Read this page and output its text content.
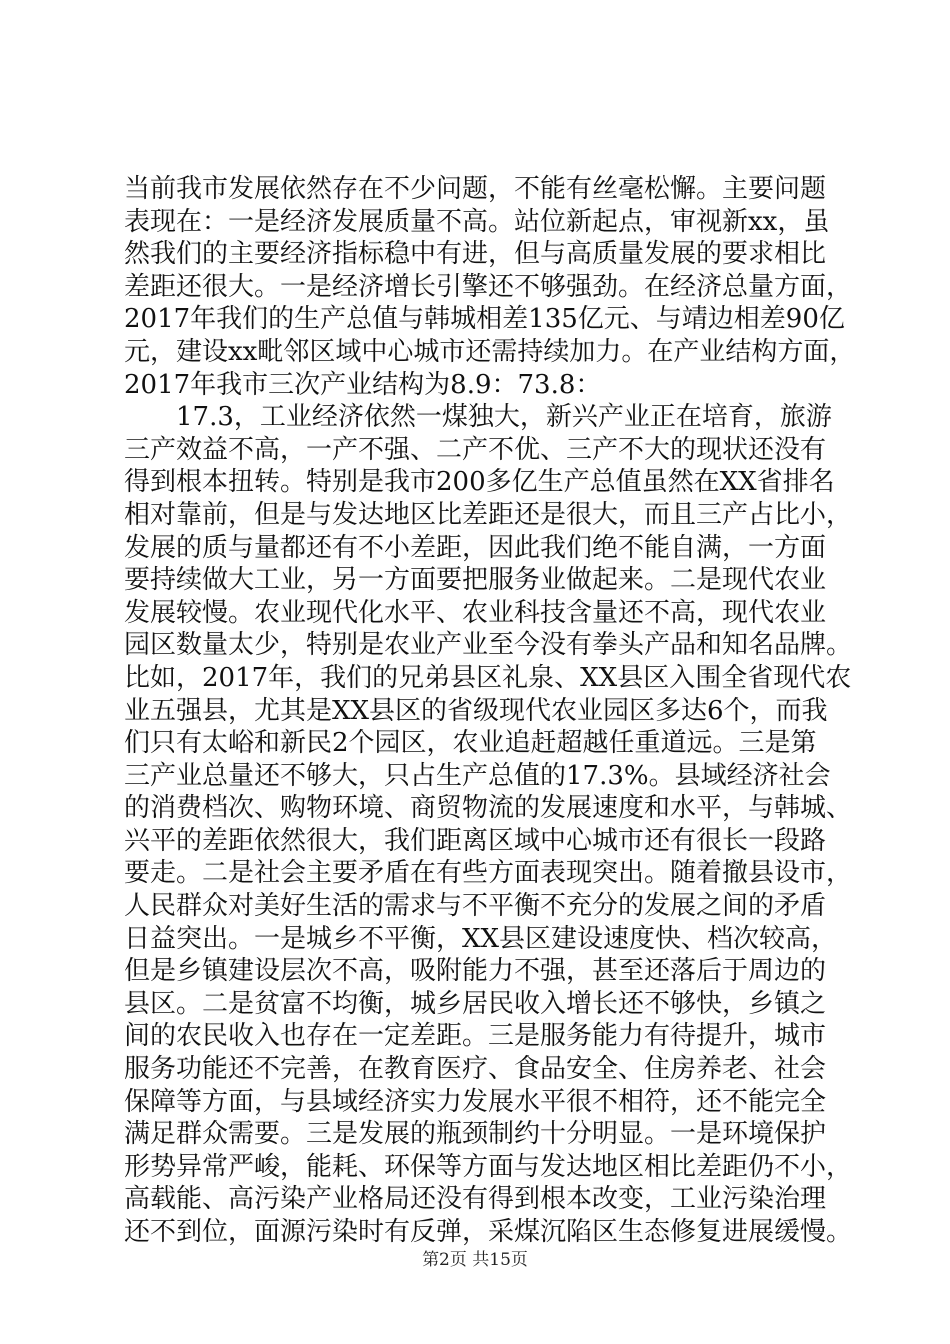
当前我市发展依然存在不少问题，不能有丝毫松懈。主要问题
表现在：一是经济发展质量不高。站位新起点，审视新xx，虽
然我们的主要经济指标稳中有进，但与高质量发展的要求相比
差距还很大。一是经济增长引擎还不够强劲。在经济总量方面，
2017年我们的生产总值与韩城相差135亿元、与靖边相差90亿
元，建设xx毗邻区域中心城市还需持续加力。在产业结构方面，
2017年我市三次产业结构为8.9：73.8：
17.3，工业经济依然一煤独大，新兴产业正在培育，旅游
三产效益不高，一产不强、二产不优、三产不大的现状还没有
得到根本扭转。特别是我市200多亿生产总值虽然在XX省排名
相对靠前，但是与发达地区比差距还是很大，而且三产占比小，
发展的质与量都还有不小差距，因此我们绝不能自满，一方面
要持续做大工业，另一方面要把服务业做起来。二是现代农业
发展较慢。农业现代化水平、农业科技含量还不高，现代农业
园区数量太少，特别是农业产业至今没有拳头产品和知名品牌。
比如，2017年，我们的兄弟县区礼泉、XX县区入围全省现代农
业五强县，尤其是XX县区的省级现代农业园区多达6个，而我
们只有太峪和新民2个园区，农业追赶超越任重道远。三是第
三产业总量还不够大，只占生产总值的17.3%。县域经济社会
的消费档次、购物环境、商贸物流的发展速度和水平，与韩城、
兴平的差距依然很大，我们距离区域中心城市还有很长一段路
要走。二是社会主要矛盾在有些方面表现突出。随着撤县设市，
人民群众对美好生活的需求与不平衡不充分的发展之间的矛盾
日益突出。一是城乡不平衡，XX县区建设速度快、档次较高，
但是乡镇建设层次不高，吸附能力不强，甚至还落后于周边的
县区。二是贫富不均衡，城乡居民收入增长还不够快，乡镇之
间的农民收入也存在一定差距。三是服务能力有待提升，城市
服务功能还不完善，在教育医疗、食品安全、住房养老、社会
保障等方面，与县域经济实力发展水平很不相符，还不能完全
满足群众需要。三是发展的瓶颈制约十分明显。一是环境保护
形势异常严峻，能耗、环保等方面与发达地区相比差距仍不小，
高载能、高污染产业格局还没有得到根本改变，工业污染治理
还不到位，面源污染时有反弹，采煤沉陷区生态修复进展缓慢。
第2页 共15页
